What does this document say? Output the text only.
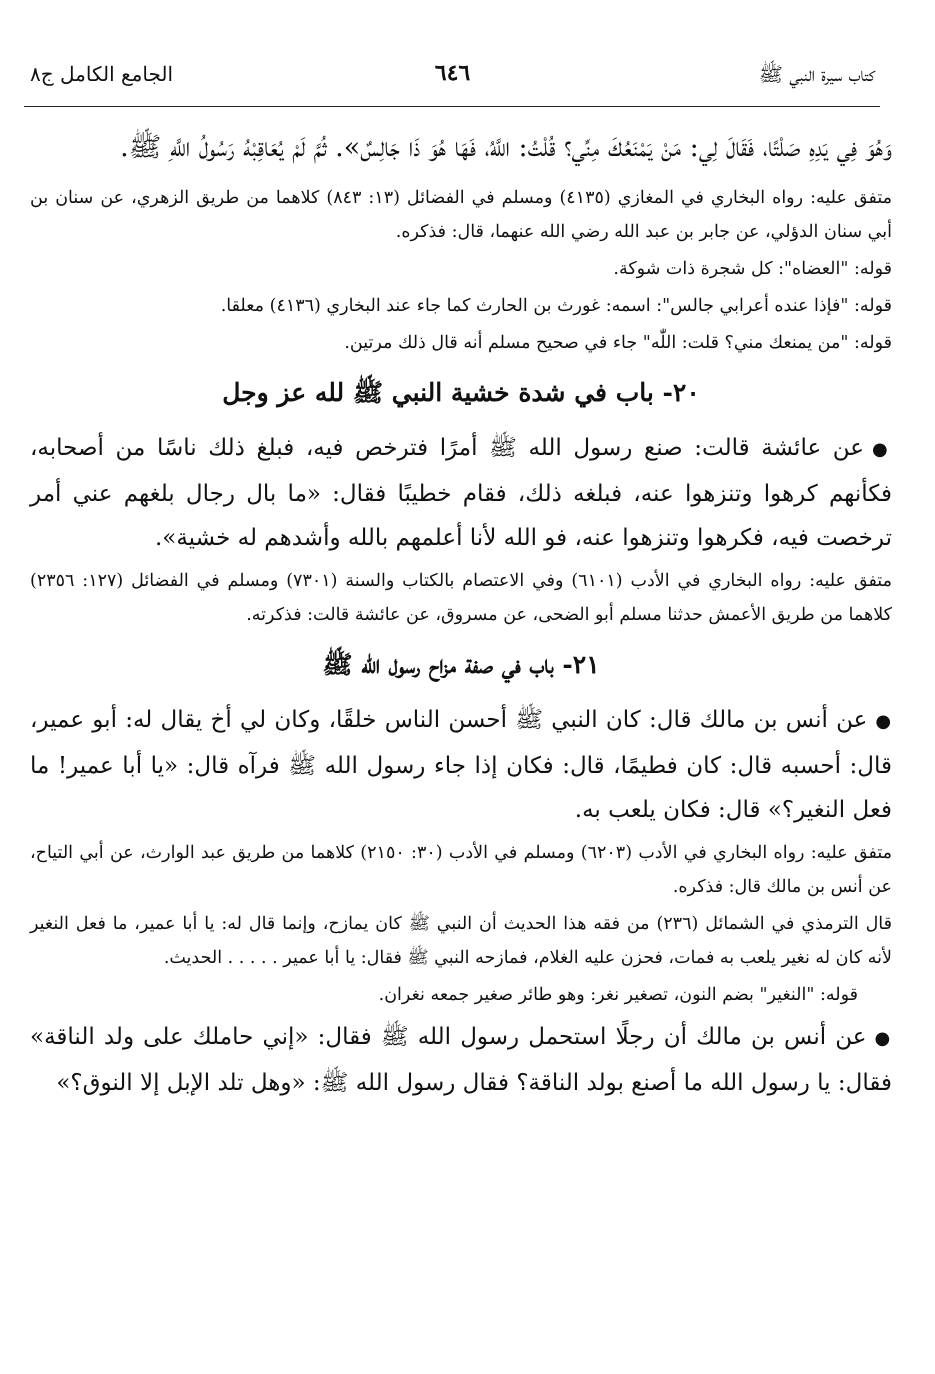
كتاب سيرة النبي ﷺ
٦٤٦
الجامع الكامل ج٨

وَهُوَ فِي يَدِهِ صَلْتًا، فَقَالَ لِي: مَنْ يَمْنَعُكَ مِنِّي؟ قُلْتُ: اللَّهُ، فَهَا هُوَ ذَا جَالِسٌ». ثُمَّ لَمْ يُعَاقِبْهُ رَسُولُ اللَّهِ ﷺ.

متفق عليه: رواه البخاري في المغازي (٤١٣٥) ومسلم في الفضائل (١٣: ٨٤٣) كلاهما من طريق الزهري، عن سنان بن أبي سنان الدؤلي، عن جابر بن عبد الله رضي الله عنهما، قال: فذكره.

قوله: "العضاه": كل شجرة ذات شوكة.

قوله: "فإذا عنده أعرابي جالس": اسمه: غورث بن الحارث كما جاء عند البخاري (٤١٣٦) معلقا.

قوله: "من يمنعك مني؟ قلت: اللّٰه" جاء في صحيح مسلم أنه قال ذلك مرتين.

٢٠- باب في شدة خشية النبي ﷺ لله عز وجل

●عن عائشة قالت: صنع رسول الله ﷺ أمرًا فترخص فيه، فبلغ ذلك ناسًا من أصحابه، فكأنهم كرهوا وتنزهوا عنه، فبلغه ذلك، فقام خطيبًا فقال: «ما بال رجال بلغهم عني أمر ترخصت فيه، فكرهوا وتنزهوا عنه، فو الله لأنا أعلمهم بالله وأشدهم له خشية».

متفق عليه: رواه البخاري في الأدب (٦١٠١) وفي الاعتصام بالكتاب والسنة (٧٣٠١) ومسلم في الفضائل (١٢٧: ٢٣٥٦) كلاهما من طريق الأعمش حدثنا مسلم أبو الضحى، عن مسروق، عن عائشة قالت: فذكرته.

٢١- باب في صفة مزاح رسول الله ﷺ

●عن أنس بن مالك قال: كان النبي ﷺ أحسن الناس خلقًا، وكان لي أخ يقال له: أبو عمير، قال: أحسبه قال: كان فطيمًا، قال: فكان إذا جاء رسول الله ﷺ فرآه قال: «يا أبا عمير! ما فعل النغير؟» قال: فكان يلعب به.

متفق عليه: رواه البخاري في الأدب (٦٢٠٣) ومسلم في الأدب (٣٠: ٢١٥٠) كلاهما من طريق عبد الوارث، عن أبي التياح، عن أنس بن مالك قال: فذكره.

قال الترمذي في الشمائل (٢٣٦) من فقه هذا الحديث أن النبي ﷺ كان يمازح، وإنما قال له: يا أبا عمير، ما فعل النغير لأنه كان له نغير يلعب به فمات، فحزن عليه الغلام، فمازحه النبي ﷺ فقال: يا أبا عمير . . . . . الحديث.

قوله: "النغير" بضم النون، تصغير نغر: وهو طائر صغير جمعه نغران.

●عن أنس بن مالك أن رجلًا استحمل رسول الله ﷺ فقال: «إني حاملك على ولد الناقة» فقال: يا رسول الله ما أصنع بولد الناقة؟ فقال رسول الله ﷺ: «وهل تلد الإبل إلا النوق؟»
